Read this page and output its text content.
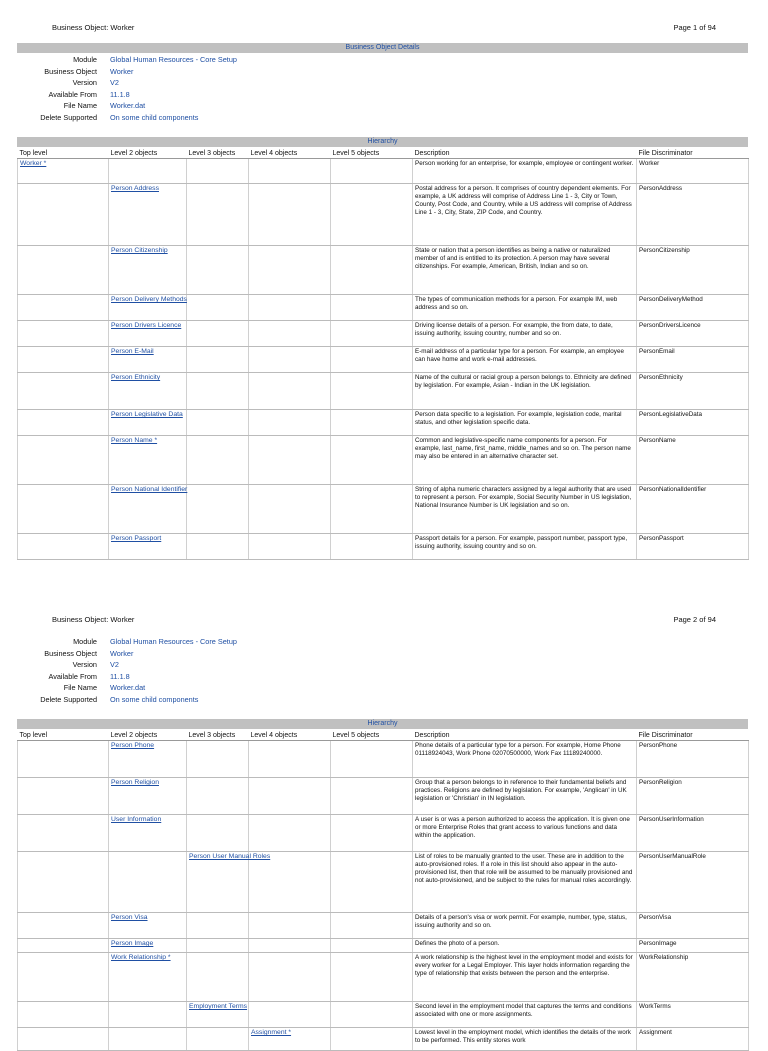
Business Object: Worker	Page 1 of 94
Business Object Details
Module Global Human Resources - Core Setup
Business Object Worker
Version V2
Available From 11.1.8
File Name Worker.dat
Delete Supported On some child components
Hierarchy
Top level	Level 2 objects	Level 3 objects	Level 4 objects	Level 5 objects	Description	File Discriminator

Worker *					Person working for an enterprise, for example, employee or contingent worker.	Worker

	Person Address				Postal address for a person. It comprises of country dependent elements. For example, a UK address will comprise of Address Line 1 - 3, City or Town, County, Post Code, and Country, while a US address will comprise of Address Line 1 - 3, City, State, ZIP Code, and Country.	PersonAddress

	Person Citizenship				State or nation that a person identifies as being a native or naturalized member of and is entitled to its protection. A person may have several citizenships. For example, American, British, Indian and so on.	PersonCitizenship

	Person Delivery Methods				The types of communication methods for a person. For example IM, web address and so on.	PersonDeliveryMethod

	Person Drivers Licence				Driving license details of a person. For example, the from date, to date, issuing authority, issuing country, number and so on.	PersonDriversLicence

	Person E-Mail				E-mail address of a particular type for a person. For example, an employee can have home and work e-mail addresses.	PersonEmail

	Person Ethnicity				Name of the cultural or racial group a person belongs to. Ethnicity are defined by legislation. For example, Asian - Indian in the UK legislation.	PersonEthnicity

	Person Legislative Data				Person data specific to a legislation. For example, legislation code, marital status, and other legislation specific data.	PersonLegislativeData

	Person Name *				Common and legislative-specific name components for a person. For example, last_name, first_name, middle_names and so on. The person name may also be entered in an alternative character set.	PersonName

	Person National Identifier				String of alpha numeric characters assigned by a legal authority that are used to represent a person. For example, Social Security Number in US legislation, National Insurance Number is UK legislation and so on.	PersonNationalIdentifier

	Person Passport				Passport details for a person. For example, passport number, passport type, issuing authority, issuing country and so on.	PersonPassport
Business Object: Worker	Page 2 of 94
Module Global Human Resources - Core Setup
Business Object Worker
Version V2
Available From 11.1.8
File Name Worker.dat
Delete Supported On some child components
Hierarchy
Top level	Level 2 objects	Level 3 objects	Level 4 objects	Level 5 objects	Description	File Discriminator

	Person Phone				Phone details of a particular type for a person. For example, Home Phone 01118924043, Work Phone 02070500000, Work Fax 11189240000.	PersonPhone

	Person Religion				Group that a person belongs to in reference to their fundamental beliefs and practices. Religions are defined by legislation. For example, 'Anglican' in UK legislation or 'Christian' in IN legislation.	PersonReligion

	User Information				A user is or was a person authorized to access the application. It is given one or more Enterprise Roles that grant access to various functions and data within the application.	PersonUserInformation

		Person User Manual Roles			List of roles to be manually granted to the user. These are in addition to the auto-provisioned roles. If a role in this list should also appear in the auto-provisioned list, then that role will be assumed to be manually provisioned and not auto-provisioned, and be subject to the rules for manual roles accordingly.	PersonUserManualRole

	Person Visa				Details of a person's visa or work permit. For example, number, type, status, issuing authority and so on.	PersonVisa

	Person Image				Defines the photo of a person.	PersonImage

	Work Relationship *				A work relationship is the highest level in the employment model and exists for every worker for a Legal Employer. This layer holds information regarding the type of relationship that exists between the person and the enterprise.	WorkRelationship

		Employment Terms			Second level in the employment model that captures the terms and conditions associated with one or more assignments.	WorkTerms

			Assignment *		Lowest level in the employment model, which identifies the details of the work to be performed. This entity stores work	Assignment
